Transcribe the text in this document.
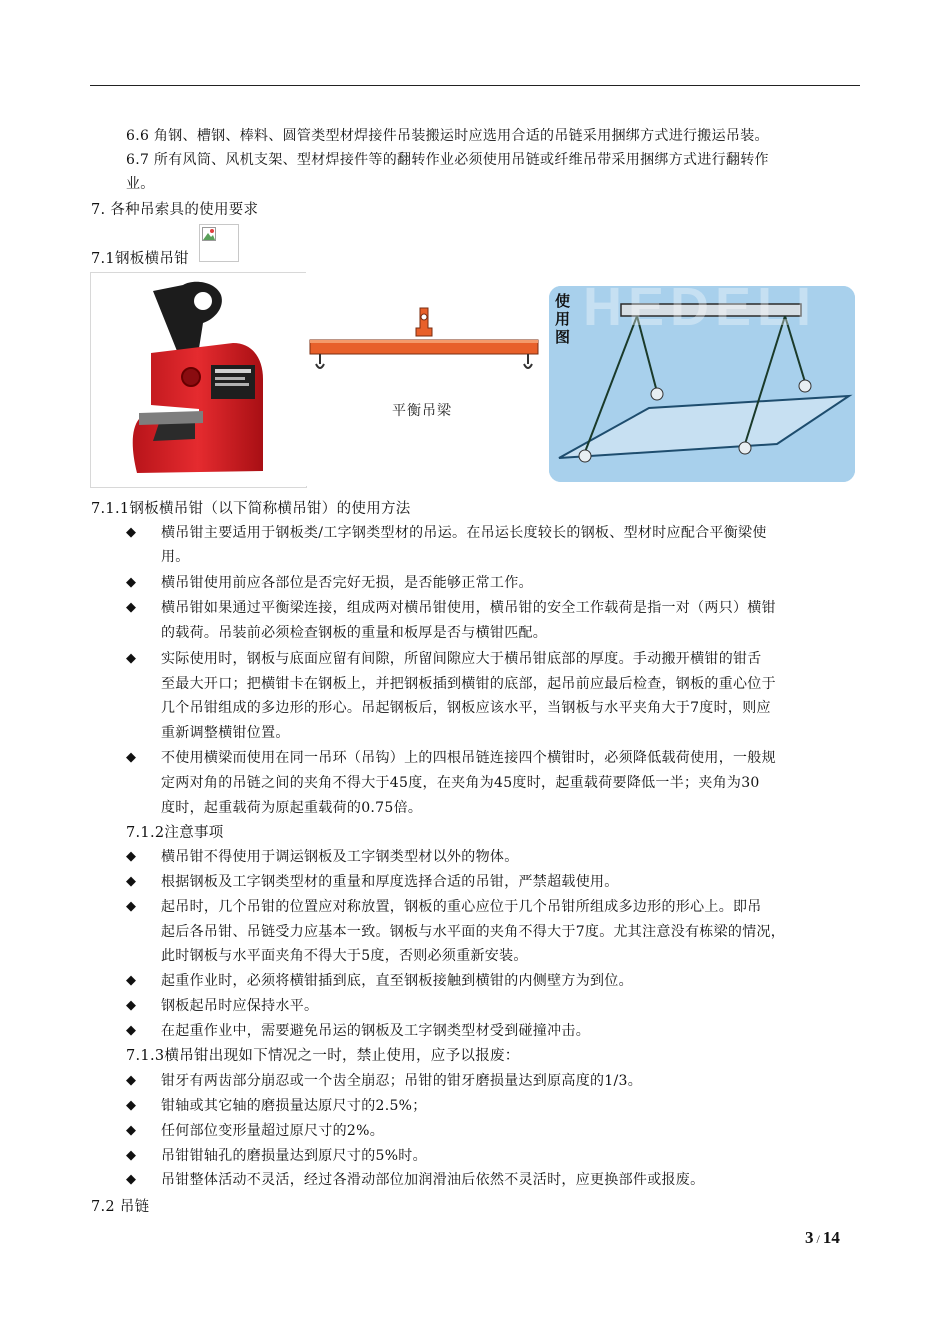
6.6 角钢、槽钢、棒料、圆管类型材焊接件吊装搬运时应选用合适的吊链采用捆绑方式进行搬运吊装。
6.7 所有风筒、风机支架、型材焊接件等的翻转作业必须使用吊链或纤维吊带采用捆绑方式进行翻转作
业。
7. 各种吊索具的使用要求
7.1钢板横吊钳
平衡吊梁
使用图 HEDELI
7.1.1钢板横吊钳（以下简称横吊钳）的使用方法
◆ 横吊钳主要适用于钢板类/工字钢类型材的吊运。在吊运长度较长的钢板、型材时应配合平衡梁使
用。
◆ 横吊钳使用前应各部位是否完好无损，是否能够正常工作。
◆ 横吊钳如果通过平衡梁连接，组成两对横吊钳使用，横吊钳的安全工作载荷是指一对（两只）横钳
的载荷。吊装前必须检查钢板的重量和板厚是否与横钳匹配。
◆ 实际使用时，钢板与底面应留有间隙，所留间隙应大于横吊钳底部的厚度。手动搬开横钳的钳舌
至最大开口；把横钳卡在钢板上，并把钢板插到横钳的底部，起吊前应最后检查，钢板的重心位于
几个吊钳组成的多边形的形心。吊起钢板后，钢板应该水平，当钢板与水平夹角大于7度时，则应
重新调整横钳位置。
◆ 不使用横梁而使用在同一吊环（吊钩）上的四根吊链连接四个横钳时，必须降低载荷使用，一般规
定两对角的吊链之间的夹角不得大于45度，在夹角为45度时，起重载荷要降低一半；夹角为30
度时，起重载荷为原起重载荷的0.75倍。
7.1.2注意事项
◆ 横吊钳不得使用于调运钢板及工字钢类型材以外的物体。
◆ 根据钢板及工字钢类型材的重量和厚度选择合适的吊钳，严禁超载使用。
◆ 起吊时，几个吊钳的位置应对称放置，钢板的重心应位于几个吊钳所组成多边形的形心上。即吊
起后各吊钳、吊链受力应基本一致。钢板与水平面的夹角不得大于7度。尤其注意没有栋梁的情况，
此时钢板与水平面夹角不得大于5度，否则必须重新安装。
◆ 起重作业时，必须将横钳插到底，直至钢板接触到横钳的内侧壁方为到位。
◆ 钢板起吊时应保持水平。
◆ 在起重作业中，需要避免吊运的钢板及工字钢类型材受到碰撞冲击。
7.1.3横吊钳出现如下情况之一时，禁止使用，应予以报废：
◆ 钳牙有两齿部分崩忍或一个齿全崩忍；吊钳的钳牙磨损量达到原高度的1/3。
◆ 钳轴或其它轴的磨损量达原尺寸的2.5%；
◆ 任何部位变形量超过原尺寸的2%。
◆ 吊钳钳轴孔的磨损量达到原尺寸的5%时。
◆ 吊钳整体活动不灵活，经过各滑动部位加润滑油后依然不灵活时，应更换部件或报废。
7.2 吊链
3 / 14
